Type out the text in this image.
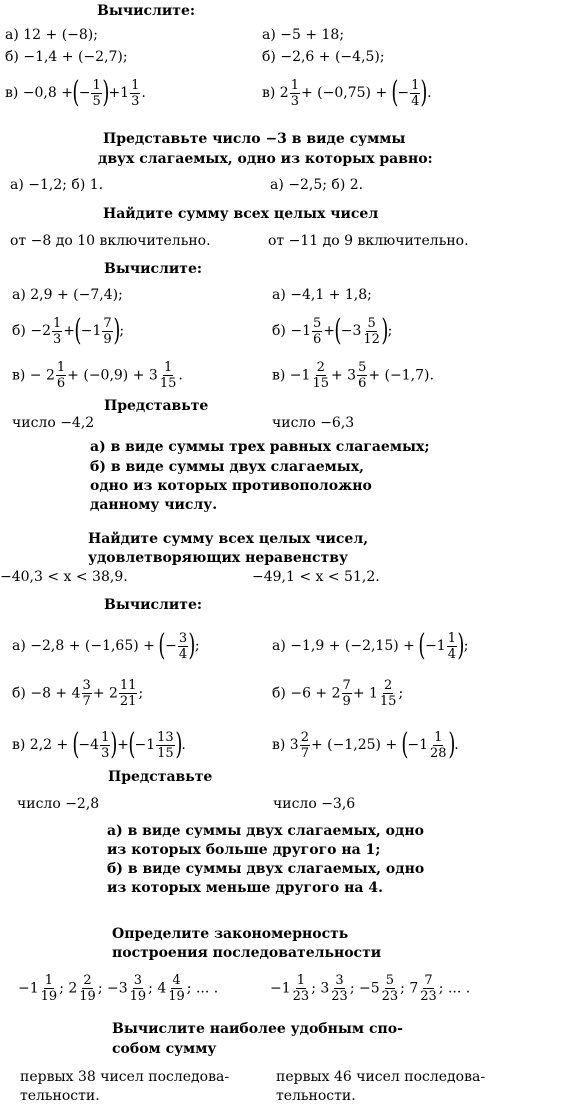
Вычислите:
а) 12 + (−8);	а) −5 + 18;
б) −1,4 + (−2,7);	б) −2,6 + (−4,5);
в) −0,8 +(− $\frac{1}{5} )+1 \frac{1}{3}$ .	в) $2 \frac{1}{3} + (-0,75)$ + (− $\frac{1}{4}$ ).
Представьте число −3 в виде суммы
двух слагаемых, одно из которых равно:
а) −1,2; б) 1.	а) −2,5; б) 2.
Найдите сумму всех целых чисел
от −8 до 10 включительно.	от −11 до 9 включительно.
Вычислите:
а) 2,9 + (−7,4);	а) −4,1 + 1,8;
$б) -2 \frac{1}{3} +(-1 \frac{7}{9}$ );	$б) -1 \frac{5}{6} +(-3 \frac{5}{12}$ );
$в) - 2 \frac{1}{6} + (-0,9) + 3 \frac{1}{15}$ .	$в) -1 \frac{2}{15} + 3 \frac{5}{6} + (-1,7)$.
Представьте
число −4,2	число −6,3
а) в виде суммы трех равных слагаемых;
б) в виде суммы двух слагаемых,
одно из которых противоположно
данному числу.
Найдите сумму всех целых чисел,
удовлетворяющих неравенству
−40,3 < x < 38,9.	−49,1 < x < 51,2.
Вычислите:
а) −2,8 + (−1,65) + (− $\frac{3}{4}$ );	$а) -1,9 + (-2,15) + (-1 \frac{1}{4}$ );
$б) -8 + 4 \frac{3}{7} + 2 \frac{11}{21}$ ;	$б) -6 + 2 \frac{7}{9} + 1 \frac{2}{15}$ ;
в) $2,2 + (-4 \frac{1}{3} )+(-1 \frac{13}{15}$ ).	в) $3 \frac{2}{7} + (-1,25) + (-1 \frac{1}{28}$ ).
Представьте
число −2,8	число −3,6
а) в виде суммы двух слагаемых, одно
из которых больше другого на 1;
б) в виде суммы двух слагаемых, одно
из которых меньше другого на 4.
Определите закономерность
построения последовательности
$-1 \frac{1}{19}$ ; $2 \frac{2}{19}$ ; $-3 \frac{3}{19}$ ; $4 \frac{4}{19}$ ; ... .	$-1 \frac{1}{23}$ ; $3 \frac{3}{23}$ ; $-5 \frac{5}{23}$ ; $7 \frac{7}{23}$ ; ... .
Вычислите наиболее удобным спо-
собом сумму
первых 38 чисел последова-	первых 46 чисел последова-
тельности.	тельности.
